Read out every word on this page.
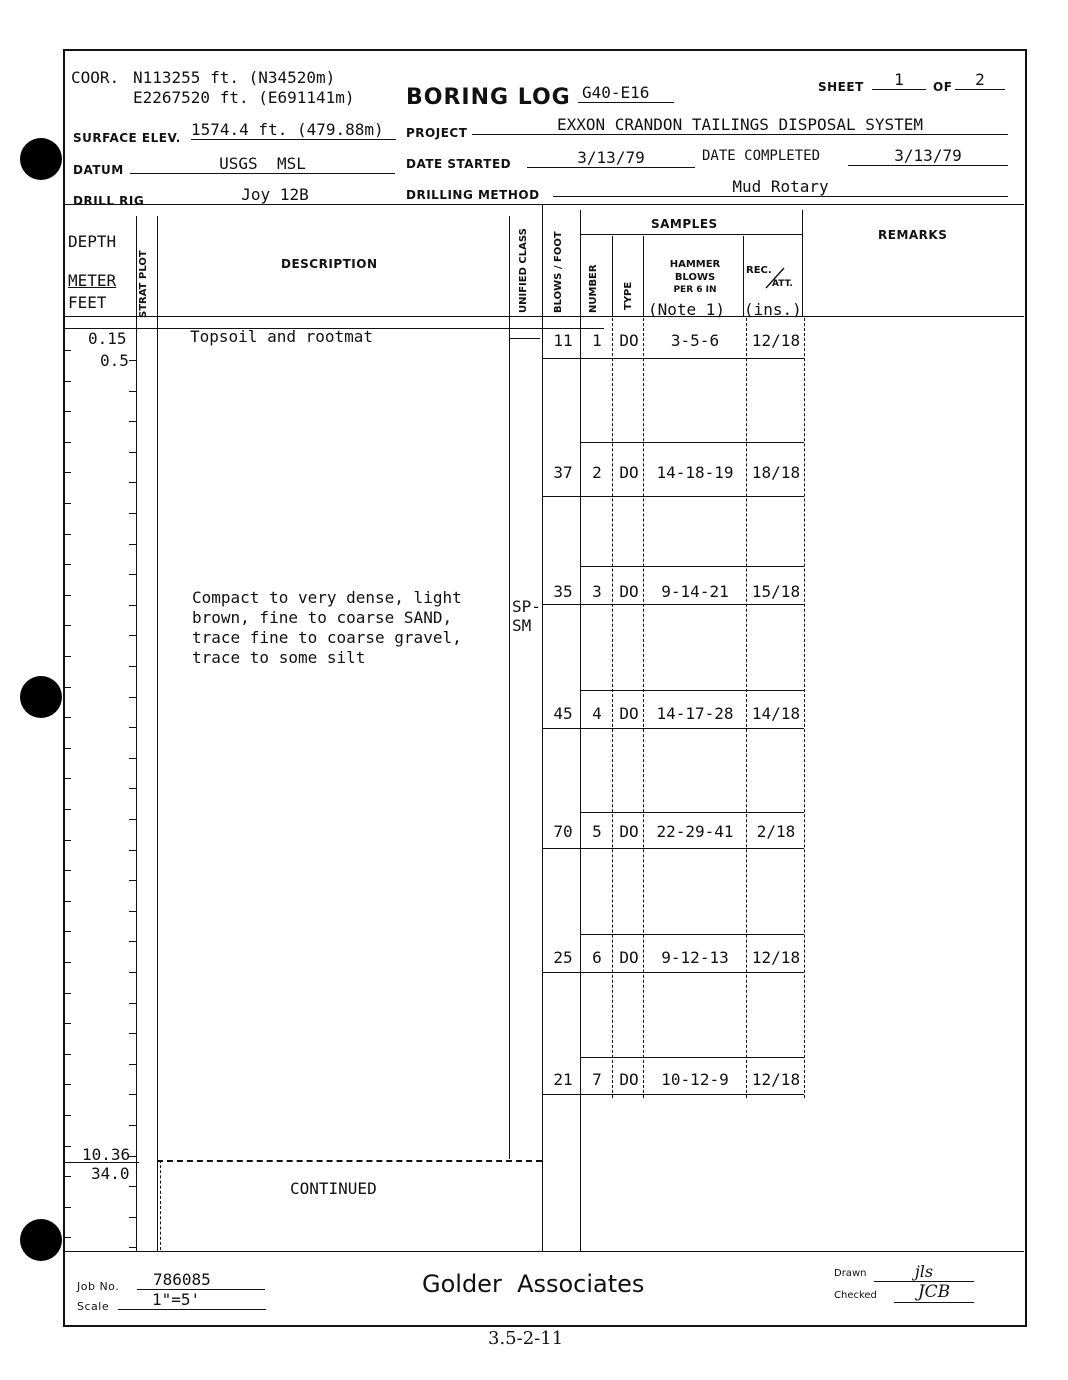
COOR. N113255 ft. (N34520m)
E2267520 ft. (E691141m) BORING LOG G40-E16	SHEET	1	OF	2
SURFACE ELEV. 1574.4 ft. (479.88m)	PROJECT	EXXON CRANDON TAILINGS DISPOSAL SYSTEM
DATUM	USGS  MSL	DATE STARTED	3/13/79	DATE COMPLETED	3/13/79
DRILL RIG	Joy 12B	DRILLING METHOD	Mud Rotary
DEPTH
METER
FEET	STRAT PLOT	DESCRIPTION	UNIFIED CLASS BLOWS / FOOT
SAMPLES
NUMBER TYPE
HAMMER
BLOWS
PER 6 IN
(Note 1)
REC.
ATT.
(ins.)
REMARKS
0.15
0.5
Topsoil and rootmat
Compact to very dense, light
brown, fine to coarse SAND,
trace fine to coarse gravel,
trace to some silt
SP-
SM
10.36
34.0
CONTINUED
11	1	DO	3-5-6	12/18
37	2	DO	14-18-19	18/18
35	3	DO	9-14-21	15/18
45	4	DO	14-17-28	14/18
70	5	DO	22-29-41	2/18
25	6	DO	9-12-13	12/18
21	7	DO	10-12-9	12/18
Job No.	786085
Scale	1"=5'
Golder  Associates	Drawn	jls
Checked	JCB
3.5-2-11
